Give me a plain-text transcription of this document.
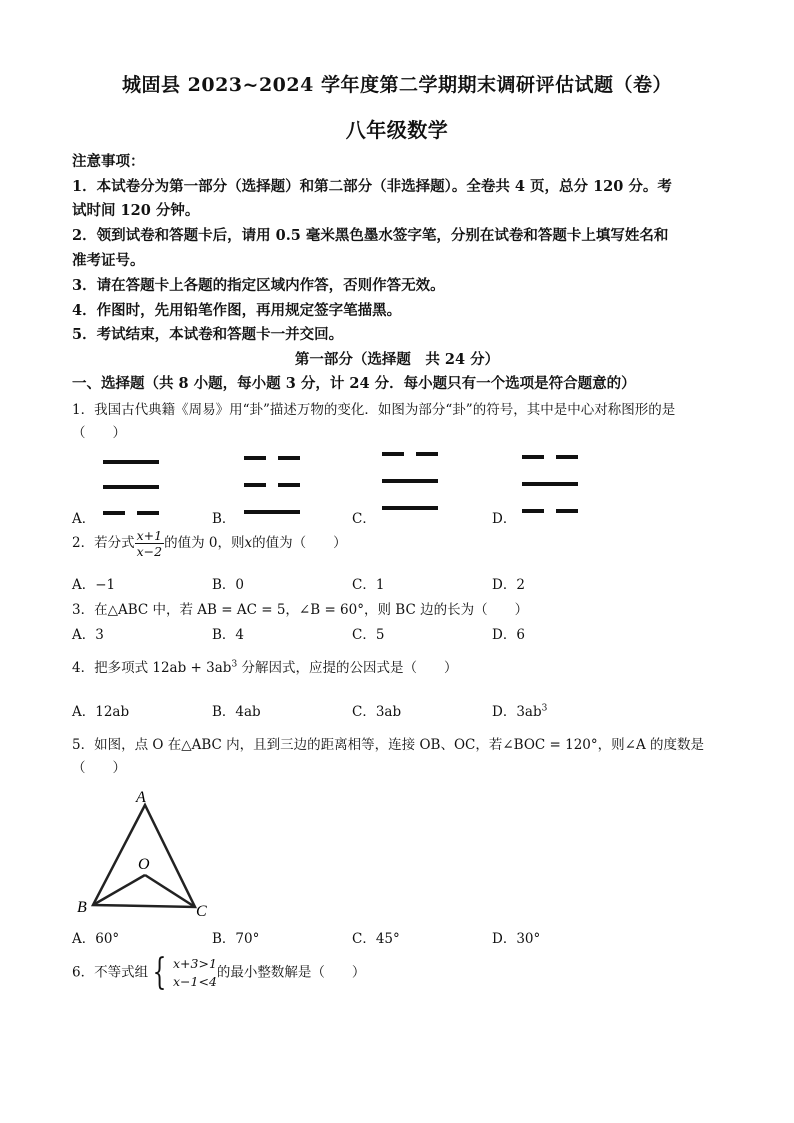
城固县 2023~2024 学年度第二学期期末调研评估试题（卷）
八年级数学
注意事项：
1．本试卷分为第一部分（选择题）和第二部分（非选择题）。全卷共 4 页，总分 120 分。考
试时间 120 分钟。
2．领到试卷和答题卡后，请用 0.5 毫米黑色墨水签字笔，分别在试卷和答题卡上填写姓名和
准考证号。
3．请在答题卡上各题的指定区域内作答，否则作答无效。
4．作图时，先用铅笔作图，再用规定签字笔描黑。
5．考试结束，本试卷和答题卡一并交回。
第一部分（选择题　共 24 分）
一、选择题（共 8 小题，每小题 3 分，计 24 分．每小题只有一个选项是符合题意的）
1．我国古代典籍《周易》用“卦”描述万物的变化．如图为部分“卦”的符号，其中是中心对称图形的是
（　　）
A．	B．	C．	D．
2．若分式 $\frac{x+1}{x-2}$ 的值为 0，则x的值为（　　）
A．−1	B．0	C．1	D．2
3．在△ABC 中，若 AB = AC = 5，∠B = 60°，则 BC 边的长为（　　）
A．3	B．4	C．5	D．6
4．把多项式 $12ab + 3ab^3$ 分解因式，应提的公因式是（　　）
A．12ab	B．4ab	C．3ab	D．$3ab^3$
5．如图，点 O 在△ABC 内，且到三边的距离相等，连接 OB、OC，若∠BOC = 120°，则∠A 的度数是
（　　）
A
O
B	C
A．60°	B．70°	C．45°	D．30°
6．不等式组 { x+3>1
x−1<4
的最小整数解是（　　）
